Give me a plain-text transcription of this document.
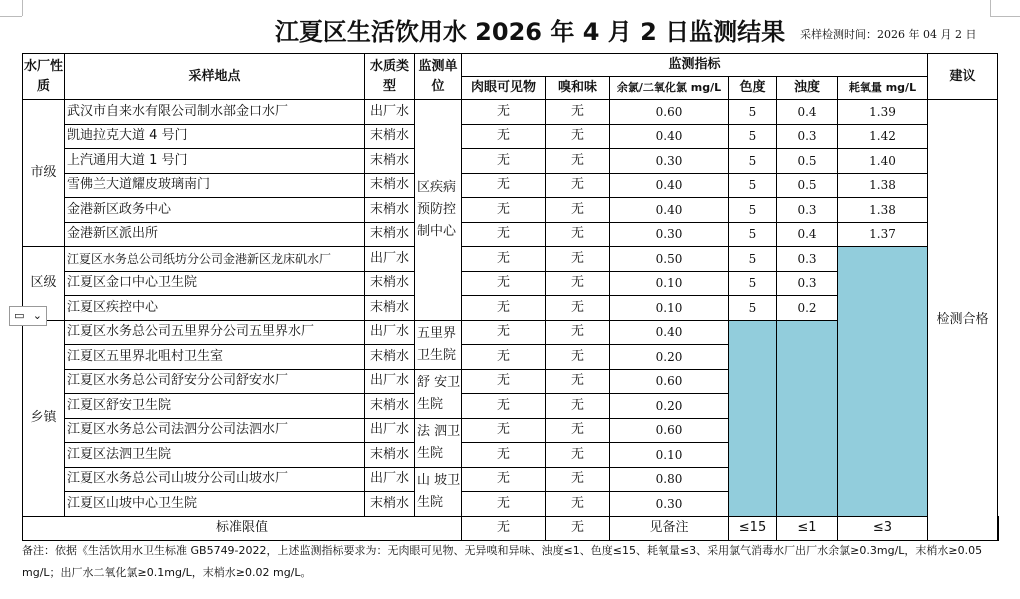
江夏区生活饮用水 2026 年 4 月 2 日监测结果	采样检测时间：2026 年 04 月 2 日
水厂性质	采样地点	水质类型	监测单位	监测指标						建议	
				肉眼可见物	嗅和味	余氯/二氧化氯 mg/L	色度	浊度	耗氧量 mg/L		
市级	武汉市自来水有限公司制水部金口水厂	出厂水	区疾病预防控制中心	无	无	0.60	5	0.4	1.39	检测合格	
	凯迪拉克大道 4 号门	末梢水		无	无	0.40	5	0.3	1.42		
	上汽通用大道 1 号门	末梢水		无	无	0.30	5	0.5	1.40		
	雪佛兰大道耀皮玻璃南门	末梢水		无	无	0.40	5	0.5	1.38		
	金港新区政务中心	末梢水		无	无	0.40	5	0.3	1.38		
	金港新区派出所	末梢水		无	无	0.30	5	0.4	1.37		
区级	江夏区水务总公司纸坊分公司金港新区龙床矶水厂	出厂水		无	无	0.50	5	0.3			
	江夏区金口中心卫生院	末梢水		无	无	0.10	5	0.3			
	江夏区疾控中心	末梢水		无	无	0.10	5	0.2			
乡镇	江夏区水务总公司五里界分公司五里界水厂	出厂水	五里界卫生院	无	无	0.40					
	江夏区五里界北咀村卫生室	末梢水		无	无	0.20					
	江夏区水务总公司舒安分公司舒安水厂	出厂水	舒 安卫生院	无	无	0.60					
	江夏区舒安卫生院	末梢水		无	无	0.20					
	江夏区水务总公司法泗分公司法泗水厂	出厂水	法 泗卫生院	无	无	0.60					
	江夏区法泗卫生院	末梢水		无	无	0.10					
	江夏区水务总公司山坡分公司山坡水厂	出厂水	山 坡卫生院	无	无	0.80					
	江夏区山坡中心卫生院	末梢水		无	无	0.30					
标准限值				无	无	见备注	≤15	≤1	≤3		
备注：依据《生活饮用水卫生标准 GB5749-2022，上述监测指标要求为：无肉眼可见物、无异嗅和异味、浊度≤1、色度≤15、耗氧量≤3、采用氯气消毒水厂出厂水余氯≥0.3mg/L，末梢水≥0.05 mg/L；出厂水二氧化氯≥0.1mg/L，末梢水≥0.02 mg/L。
▭ ⌄
